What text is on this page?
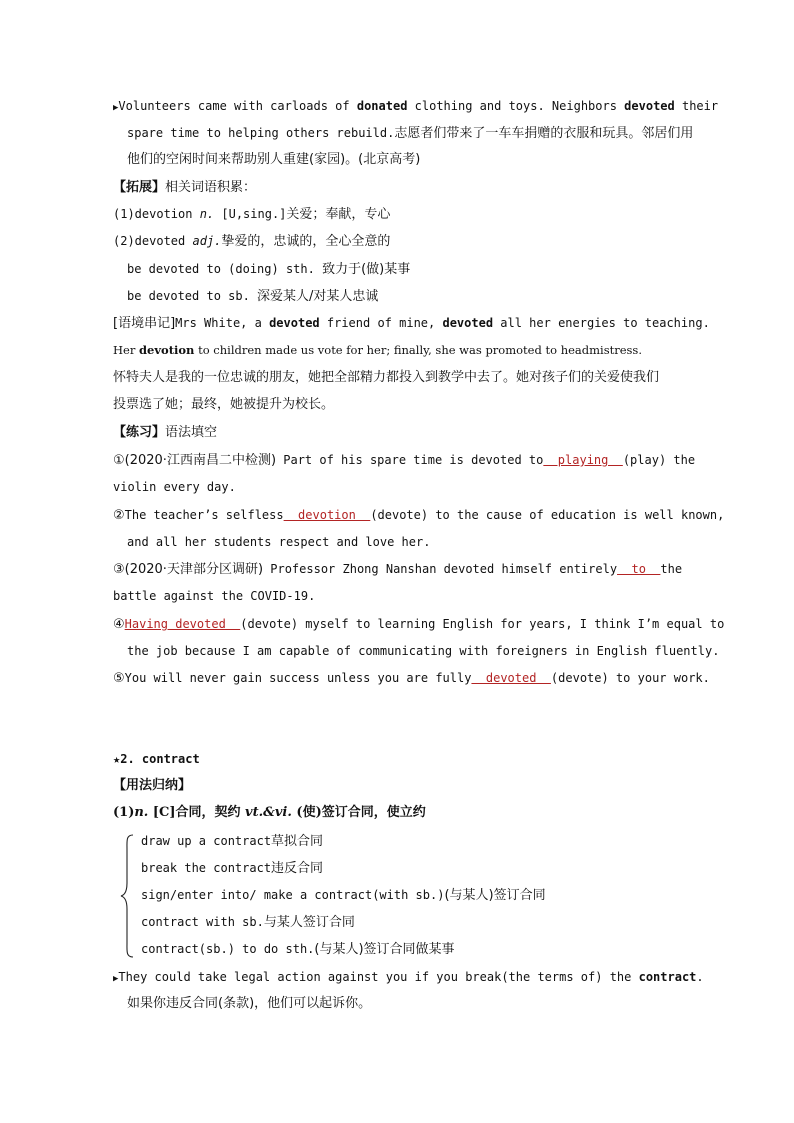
▶Volunteers came with carloads of donated clothing and toys. Neighbors devoted their
spare time to helping others rebuild.志愿者们带来了一车车捐赠的衣服和玩具。邻居们用
他们的空闲时间来帮助别人重建(家园)。(北京高考)
【拓展】相关词语积累：
(1)devotion n. [U,sing.]关爱；奉献，专心
(2)devoted adj.挚爱的，忠诚的，全心全意的
be devoted to (doing) sth. 致力于(做)某事
be devoted to sb. 深爱某人/对某人忠诚
[语境串记]Mrs White, a devoted friend of mine, devoted all her energies to teaching.
Her devotion to children made us vote for her; finally, she was promoted to headmistress.
怀特夫人是我的一位忠诚的朋友，她把全部精力都投入到教学中去了。她对孩子们的关爱使我们
投票选了她；最终，她被提升为校长。
【练习】语法填空
①(2020·江西南昌二中检测) Part of his spare time is devoted to  playing  (play) the
violin every day.
②The teacher’s selfless  devotion  (devote) to the cause of education is well known,
and all her students respect and love her.
③(2020·天津部分区调研) Professor Zhong Nanshan devoted himself entirely  to  the
battle against the COVID-19.
④Having devoted  (devote) myself to learning English for years, I think I’m equal to
the job because I am capable of communicating with foreigners in English fluently.
⑤You will never gain success unless you are fully  devoted  (devote) to your work.
★2. contract
【用法归纳】
(1)n. [C]合同，契约 vt.&vi. (使)签订合同，使立约
draw up a contract草拟合同
break the contract违反合同
sign/enter into/ make a contract(with sb.)(与某人)签订合同
contract with sb.与某人签订合同
contract(sb.) to do sth.(与某人)签订合同做某事
▶They could take legal action against you if you break(the terms of) the contract.
如果你违反合同(条款)，他们可以起诉你。
